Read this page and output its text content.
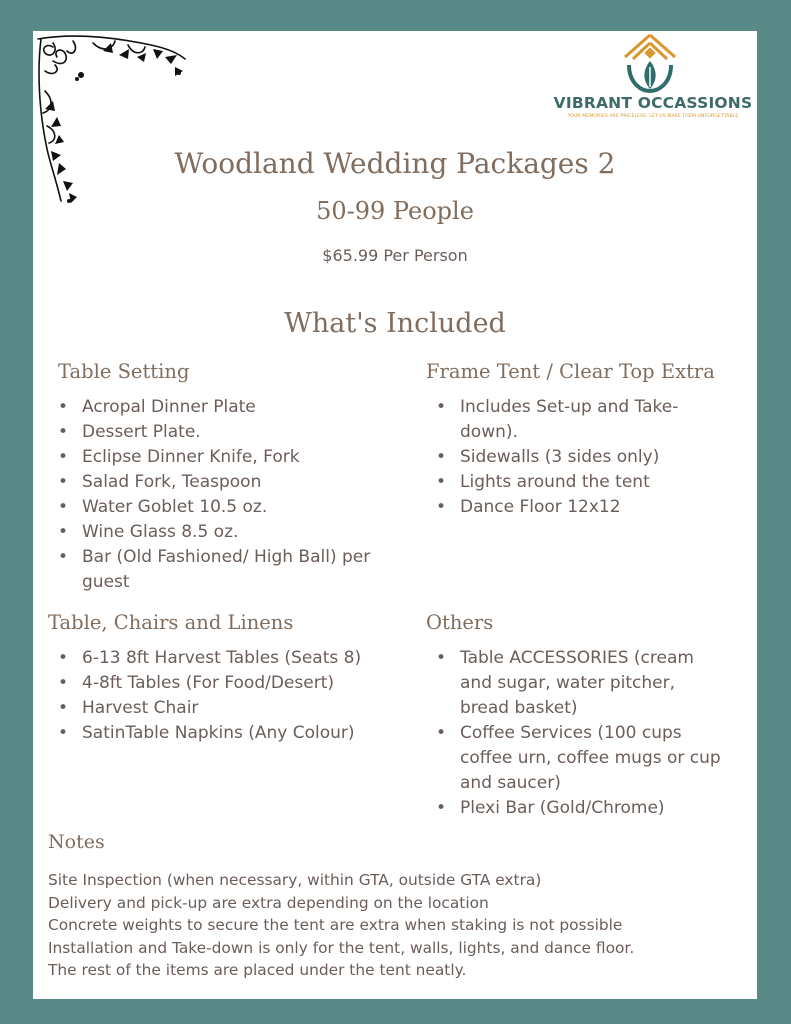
VIBRANT OCCASSIONS
YOUR MEMORIES ARE PRICELESS. LET US MAKE THEM UNFORGETTABLE
Woodland Wedding Packages 2
50-99 People
$65.99 Per Person
What's Included
Table Setting
• Acropal Dinner Plate
• Dessert Plate.
• Eclipse Dinner Knife, Fork
• Salad Fork, Teaspoon
• Water Goblet 10.5 oz.
• Wine Glass 8.5 oz.
• Bar (Old Fashioned/ High Ball) per guest
Frame Tent / Clear Top Extra
• Includes Set-up and Take-down).
• Sidewalls (3 sides only)
• Lights around the tent
• Dance Floor 12x12
Table, Chairs and Linens
• 6-13 8ft Harvest Tables (Seats 8)
• 4-8ft Tables (For Food/Desert)
• Harvest Chair
• SatinTable Napkins (Any Colour)
Others
• Table ACCESSORIES (cream and sugar, water pitcher, bread basket)
• Coffee Services (100 cups coffee urn, coffee mugs or cup and saucer)
• Plexi Bar (Gold/Chrome)
Notes
Site Inspection (when necessary, within GTA, outside GTA extra)
Delivery and pick-up are extra depending on the location
Concrete weights to secure the tent are extra when staking is not possible
Installation and Take-down is only for the tent, walls, lights, and dance floor.
The rest of the items are placed under the tent neatly.
